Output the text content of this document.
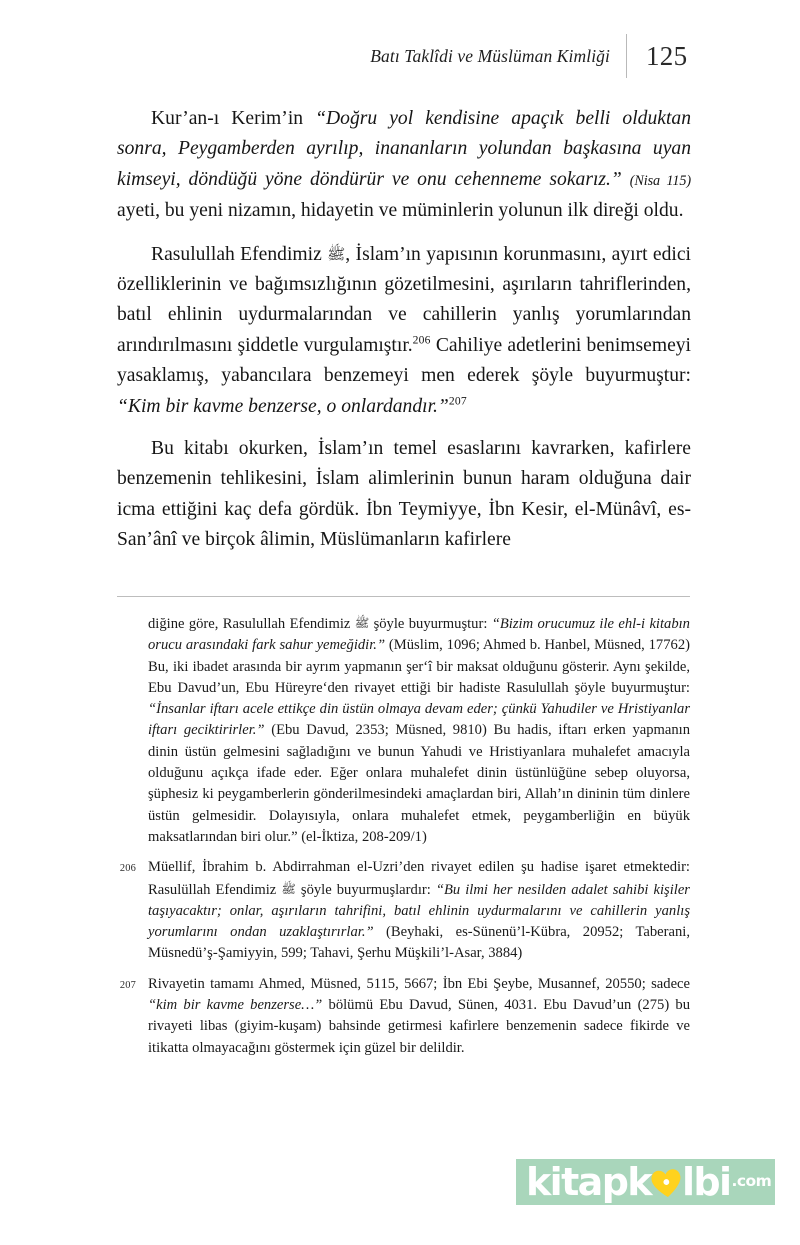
Batı Taklîdi ve Müslüman Kimliği 125

Kur’an-ı Kerim’in “Doğru yol kendisine apaçık belli olduktan sonra, Peygamberden ayrılıp, inananların yolundan başkasına uyan kimseyi, döndüğü yöne döndürür ve onu cehenneme sokarız.” (Nisa 115) ayeti, bu yeni nizamın, hidayetin ve müminlerin yolunun ilk direği oldu.

Rasulullah Efendimiz ﷺ, İslam’ın yapısının korunmasını, ayırt edici özelliklerinin ve bağımsızlığının gözetilmesini, aşırıların tahriflerinden, batıl ehlinin uydurmalarından ve cahillerin yanlış yorumlarından arındırılmasını şiddetle vurgulamıştır.$^{206}$ Cahiliye adetlerini benimsemeyi yasaklamış, yabancılara benzemeyi men ederek şöyle buyurmuştur: “Kim bir kavme benzerse, o onlardandır.”$^{207}$

Bu kitabı okurken, İslam’ın temel esaslarını kavrarken, kafirlere benzemenin tehlikesini, İslam alimlerinin bunun haram olduğuna dair icma ettiğini kaç defa gördük. İbn Teymiyye, İbn Kesir, el-Münâvî, es-San’ânî ve birçok âlimin, Müslümanların kafirlere

diğine göre, Rasulullah Efendimiz ﷺ şöyle buyurmuştur: “Bizim orucumuz ile ehl-i kitabın orucu arasındaki fark sahur yemeğidir.” (Müslim, 1096; Ahmed b. Hanbel, Müsned, 17762) Bu, iki ibadet arasında bir ayrım yapmanın şer‘î bir maksat olduğunu gösterir. Aynı şekilde, Ebu Davud’un, Ebu Hüreyre‘den rivayet ettiği bir hadiste Rasulullah şöyle buyurmuştur: “İnsanlar iftarı acele ettikçe din üstün olmaya devam eder; çünkü Yahudiler ve Hristiyanlar iftarı geciktirirler.” (Ebu Davud, 2353; Müsned, 9810) Bu hadis, iftarı erken yapmanın dinin üstün gelmesini sağladığını ve bunun Yahudi ve Hristiyanlara muhalefet amacıyla olduğunu açıkça ifade eder. Eğer onlara muhalefet dinin üstünlüğüne sebep oluyorsa, şüphesiz ki peygamberlerin gönderilmesindeki amaçlardan biri, Allah’ın dininin tüm dinlere üstün gelmesidir. Dolayısıyla, onlara muhalefet etmek, peygamberliğin en büyük maksatlarından biri olur.” (el-İktiza, 208-209/1)
206 Müellif, İbrahim b. Abdirrahman el-Uzri’den rivayet edilen şu hadise işaret etmektedir: Rasulüllah Efendimiz ﷺ şöyle buyurmuşlardır: “Bu ilmi her nesilden adalet sahibi kişiler taşıyacaktır; onlar, aşırıların tahrifini, batıl ehlinin uydurmalarını ve cahillerin yanlış yorumlarını ondan uzaklaştırırlar.” (Beyhaki, es-Sünenü’l-Kübra, 20952; Taberani, Müsnedü’ş-Şamiyyin, 599; Tahavi, Şerhu Müşkili’l-Asar, 3884)
207 Rivayetin tamamı Ahmed, Müsned, 5115, 5667; İbn Ebi Şeybe, Musannef, 20550; sadece “kim bir kavme benzerse…” bölümü Ebu Davud, Sünen, 4031. Ebu Davud’un (275) bu rivayeti libas (giyim-kuşam) bahsinde getirmesi kafirlere benzemenin sadece fikirde ve itikatta olmayacağını göstermek için güzel bir delildir.
kitapk lbi .com
